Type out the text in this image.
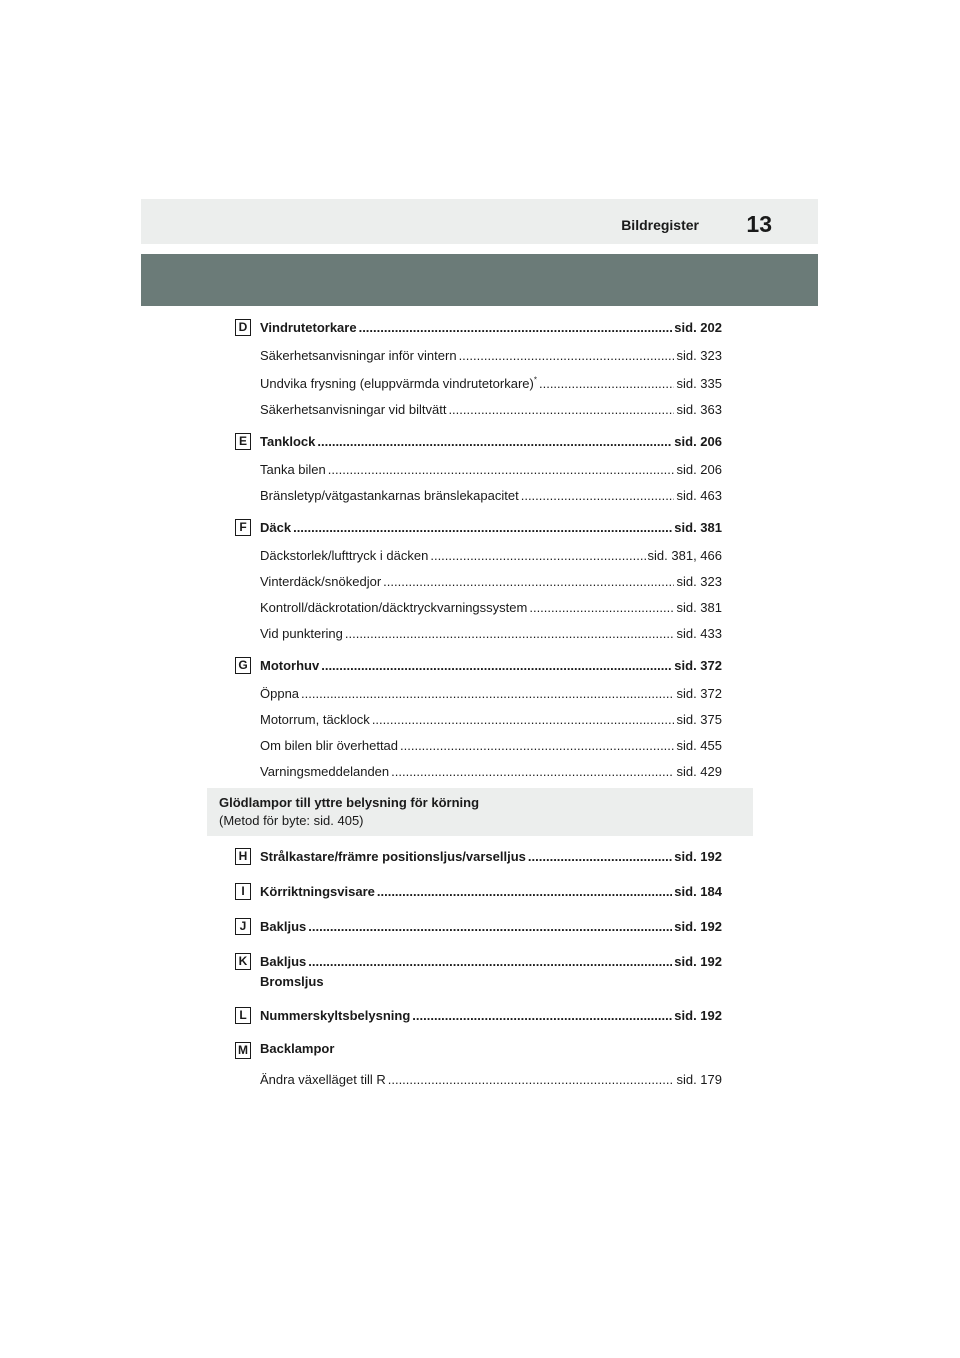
Bildregister 13
D Vindrutetorkare .....	sid. 202
Säkerhetsanvisningar inför vintern .....	sid. 323
Undvika frysning (eluppvärmda vindrutetorkare)* .....	sid. 335
Säkerhetsanvisningar vid biltvätt .....	sid. 363
E	Tanklock .....	sid. 206
Tanka bilen .....	sid. 206
Bränsletyp/vätgastankarnas bränslekapacitet .....	sid. 463
F	Däck .....	sid. 381
Däckstorlek/lufttryck i däcken .....	sid. 381, 466
Vinterdäck/snökedjor .....	sid. 323
Kontroll/däckrotation/däcktryckvarningssystem .....	sid. 381
Vid punktering .....	sid. 433
G Motorhuv .....	sid. 372
Öppna .....	sid. 372
Motorrum, täcklock .....	sid. 375
Om bilen blir överhettad .....	sid. 455
Varningsmeddelanden .....	sid. 429
H Strålkastare/främre positionsljus/varselljus .....	sid. 192
I	Körriktningsvisare .....	sid. 184
J	Bakljus .....	sid. 192
K Bakljus .....	sid. 192
Bromsljus
L	Nummerskyltsbelysning .....	sid. 192
M Backlampor
Ändra växelläget till R .....	sid. 179
Glödlampor till yttre belysning för körning
(Metod för byte: sid. 405)
